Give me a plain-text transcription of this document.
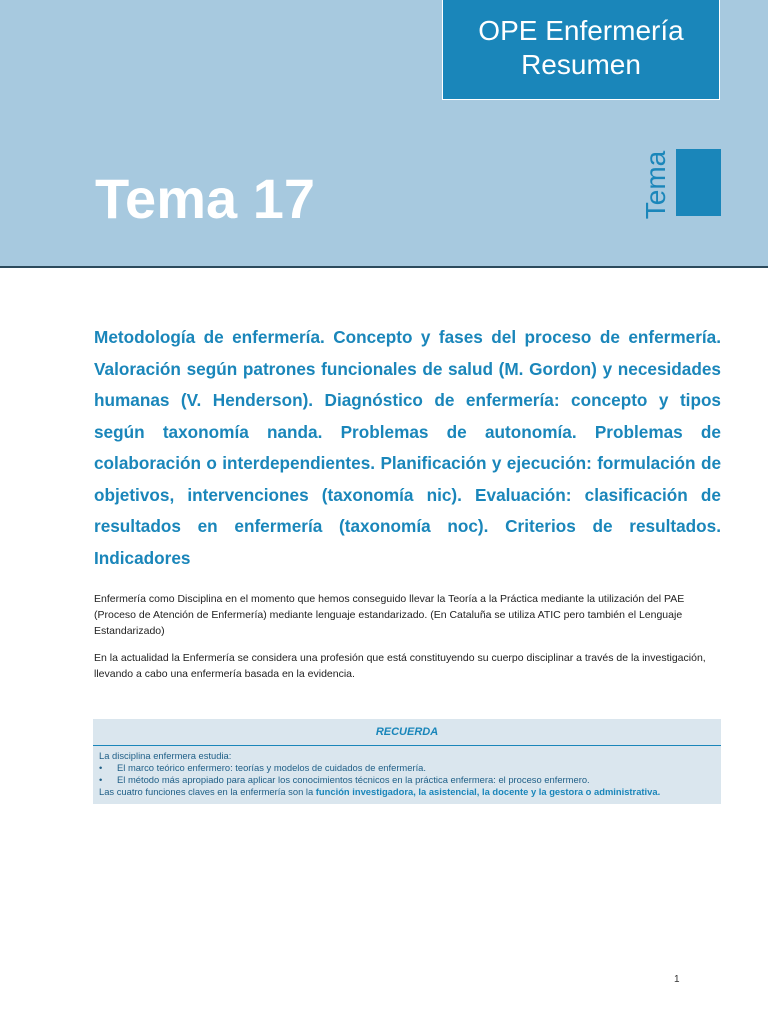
OPE Enfermería
Resumen
Tema 17	Tema

Metodología de enfermería. Concepto y fases del proceso de enfermería. Valoración según patrones funcionales de salud (M. Gordon) y necesidades humanas (V. Henderson). Diagnóstico de enfermería: concepto y tipos según taxonomía nanda. Problemas de autonomía. Problemas de colaboración o interdependientes. Planificación y ejecución: formulación de objetivos, intervenciones (taxonomía nic). Evaluación: clasificación de resultados en enfermería (taxonomía noc). Criterios de resultados. Indicadores

Enfermería como Disciplina en el momento que hemos conseguido llevar la Teoría a la Práctica mediante la utilización del PAE (Proceso de Atención de Enfermería) mediante lenguaje estandarizado. (En Cataluña se utiliza ATIC pero también el Lenguaje Estandarizado)

En la actualidad la Enfermería se considera una profesión que está constituyendo su cuerpo disciplinar a través de la investigación, llevando a cabo una enfermería basada en la evidencia.

RECUERDA
La disciplina enfermera estudia:
• El marco teórico enfermero: teorías y modelos de cuidados de enfermería.
• El método más apropiado para aplicar los conocimientos técnicos en la práctica enfermera: el proceso enfermero.
Las cuatro funciones claves en la enfermería son la función investigadora, la asistencial, la docente y la gestora o administrativa.
1
